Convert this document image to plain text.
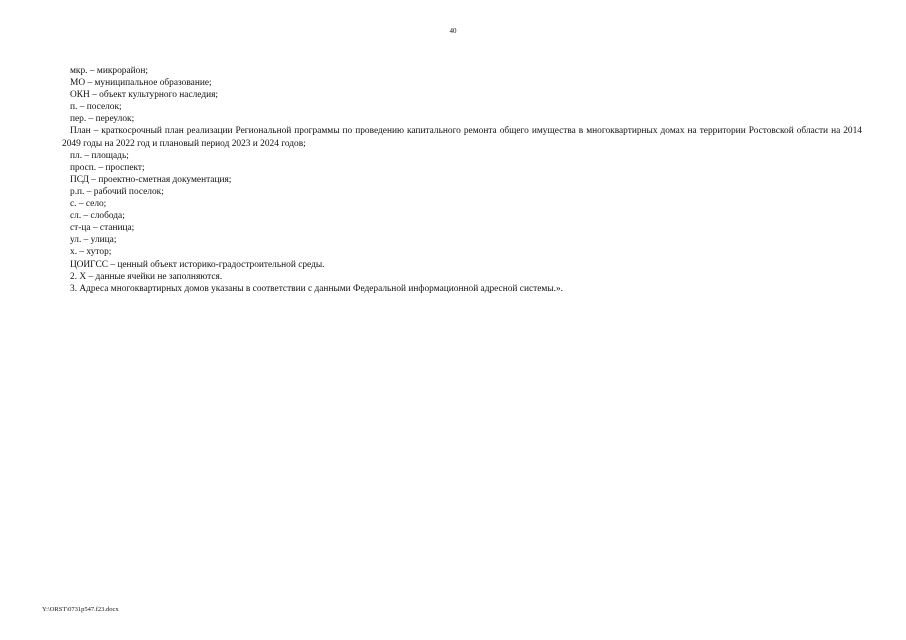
40
мкр. – микрорайон;
МО – муниципальное образование;
ОКН – объект культурного наследия;
п. – поселок;
пер. – переулок;
План – краткосрочный план реализации Региональной программы по проведению капитального ремонта общего имущества в многоквартирных домах на территории Ростовской области на 2014 2049 годы на 2022 год и плановый период 2023 и 2024 годов;
пл. – площадь;
просп. – проспект;
ПСД – проектно-сметная документация;
р.п. – рабочий поселок;
с. – село;
сл. – слобода;
ст-ца – станица;
ул. – улица;
х. – хутор;
ЦОИГСС – ценный объект историко-градостроительной среды.
2. Х – данные ячейки не заполняются.
3. Адреса многоквартирных домов указаны в соответствии с данными Федеральной информационной адресной системы.».
Y:\ORST\0731p547.f23.docx
